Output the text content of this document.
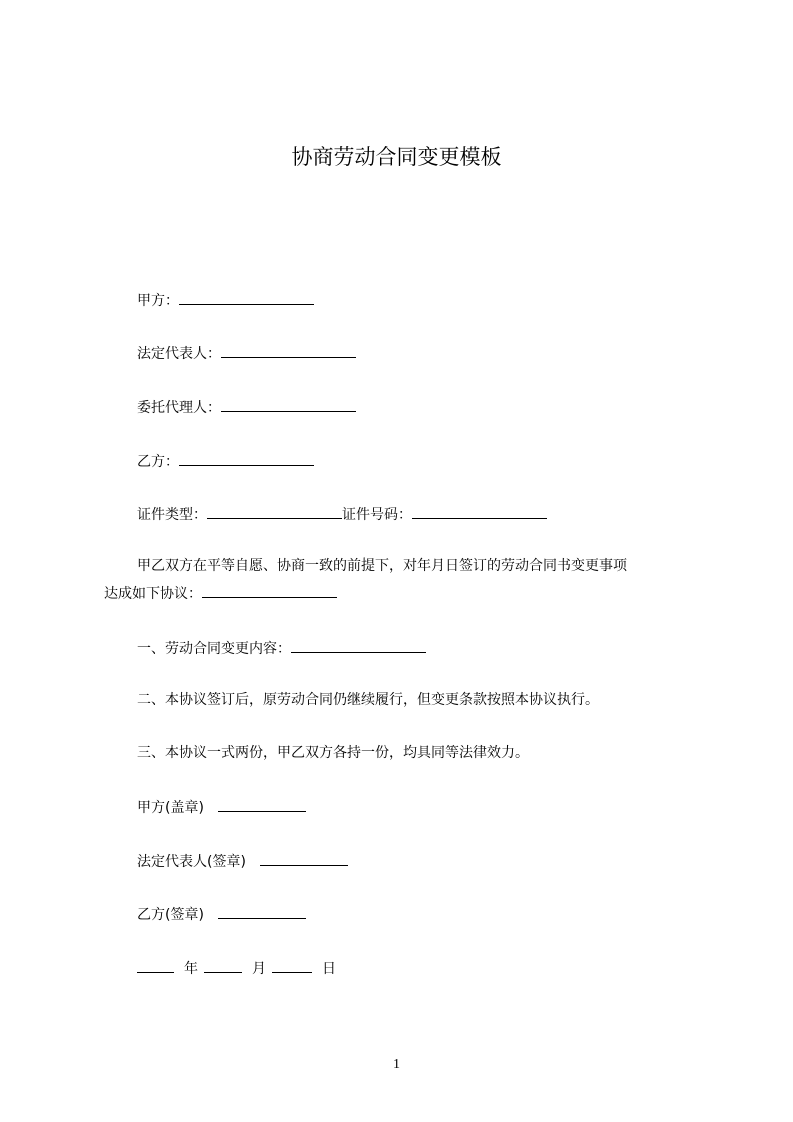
协商劳动合同变更模板
甲方：
法定代表人：
委托代理人：
乙方：
证件类型：	证件号码：
甲乙双方在平等自愿、协商一致的前提下，对年月日签订的劳动合同书变更事项
达成如下协议：
一、劳动合同变更内容：
二、本协议签订后，原劳动合同仍继续履行，但变更条款按照本协议执行。
三、本协议一式两份，甲乙双方各持一份，均具同等法律效力。
甲方(盖章)
法定代表人(签章)
乙方(签章)
年	月	日
1
